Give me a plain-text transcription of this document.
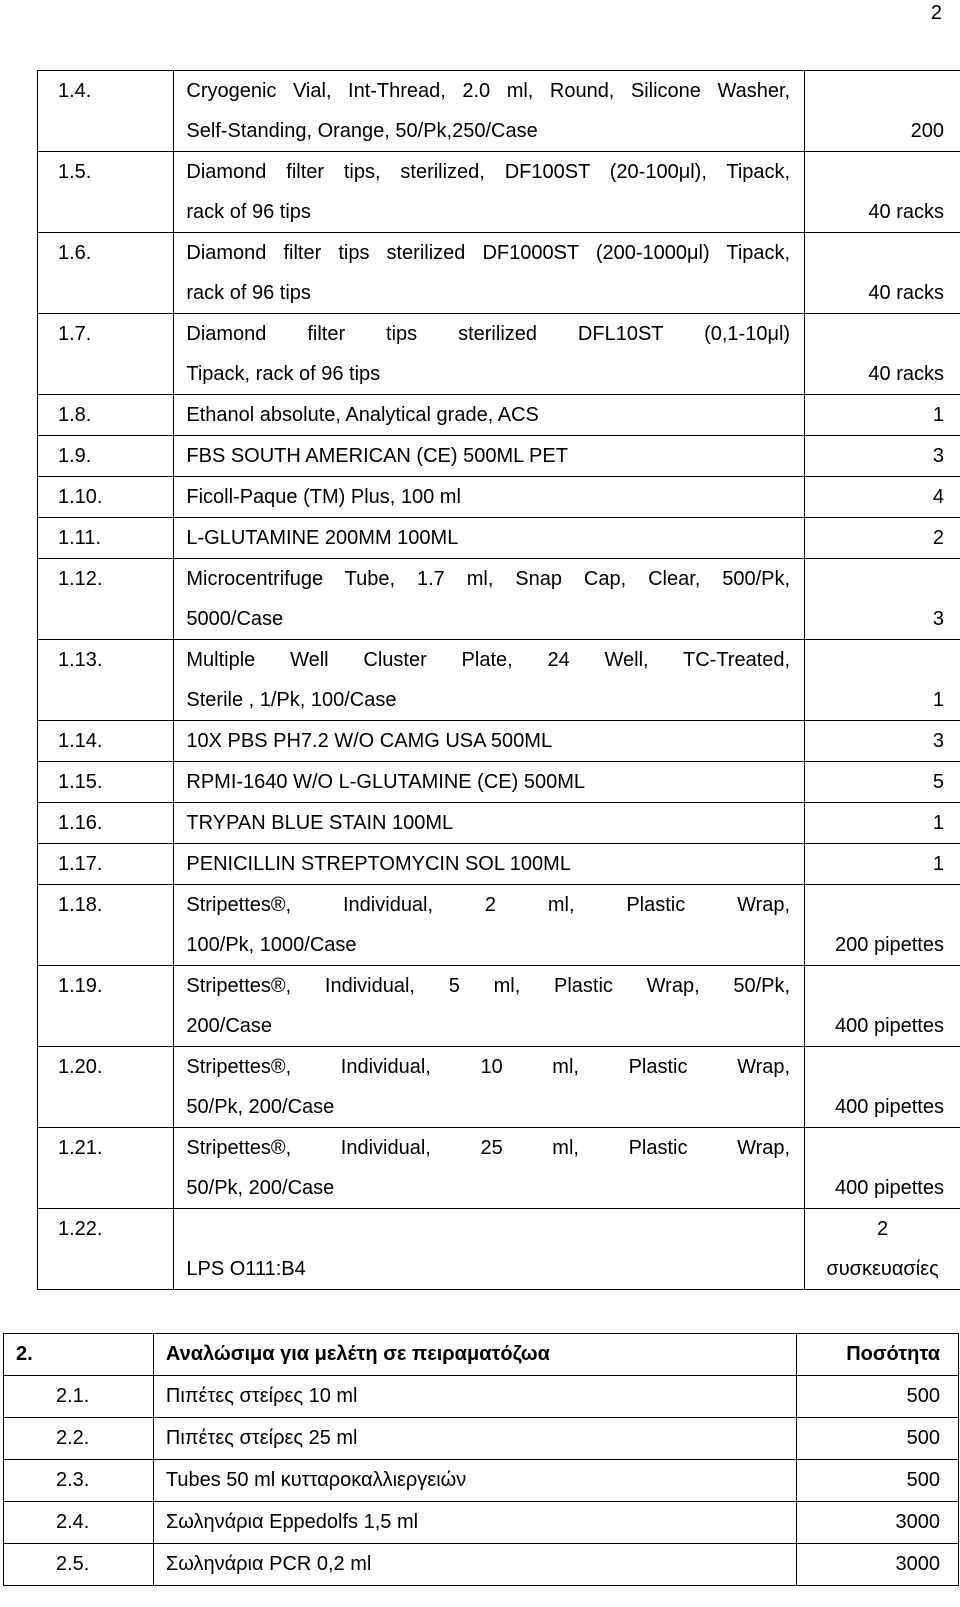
2
1.4.	Cryogenic Vial, Int-Thread, 2.0 ml, Round, Silicone Washer,
Self-Standing, Orange, 50/Pk,250/Case	200
1.5.	Diamond filter tips, sterilized, DF100ST (20-100μl), Tipack,
rack of 96 tips	40 racks
1.6.	Diamond filter tips sterilized DF1000ST (200-1000μl) Tipack,
rack of 96 tips	40 racks
1.7.	Diamond filter tips sterilized DFL10ST (0,1-10μl)
Tipack, rack of 96 tips	40 racks
1.8.	Ethanol absolute, Analytical grade, ACS	1
1.9.	FBS SOUTH AMERICAN (CE) 500ML PET	3
1.10.	Ficoll-Paque (TM) Plus, 100 ml	4
1.11.	L-GLUTAMINE 200MM 100ML	2
1.12.	Microcentrifuge Tube, 1.7 ml, Snap Cap, Clear, 500/Pk,
5000/Case	3
1.13.	Multiple Well Cluster Plate, 24 Well, TC-Treated,
Sterile , 1/Pk, 100/Case	1
1.14.	10X PBS PH7.2 W/O CAMG USA 500ML	3
1.15.	RPMI-1640 W/O L-GLUTAMINE (CE) 500ML	5
1.16.	TRYPAN BLUE STAIN 100ML	1
1.17.	PENICILLIN STREPTOMYCIN SOL 100ML	1
1.18.	Stripettes®, Individual, 2 ml, Plastic Wrap,
100/Pk, 1000/Case	200 pipettes
1.19.	Stripettes®, Individual, 5 ml, Plastic Wrap, 50/Pk,
200/Case	400 pipettes
1.20.	Stripettes®, Individual, 10 ml, Plastic Wrap,
50/Pk, 200/Case	400 pipettes
1.21.	Stripettes®, Individual, 25 ml, Plastic Wrap,
50/Pk, 200/Case	400 pipettes
1.22.	LPS O111:B4	2
συσκευασίες
2.	Αναλώσιμα για μελέτη σε πειραματόζωα	Ποσότητα
2.1.	Πιπέτες στείρες 10 ml	500
2.2.	Πιπέτες στείρες 25 ml	500
2.3.	Tubes 50 ml κυτταροκαλλιεργειών	500
2.4.	Σωληνάρια Eppedolfs 1,5 ml	3000
2.5.	Σωληνάρια PCR 0,2 ml	3000
